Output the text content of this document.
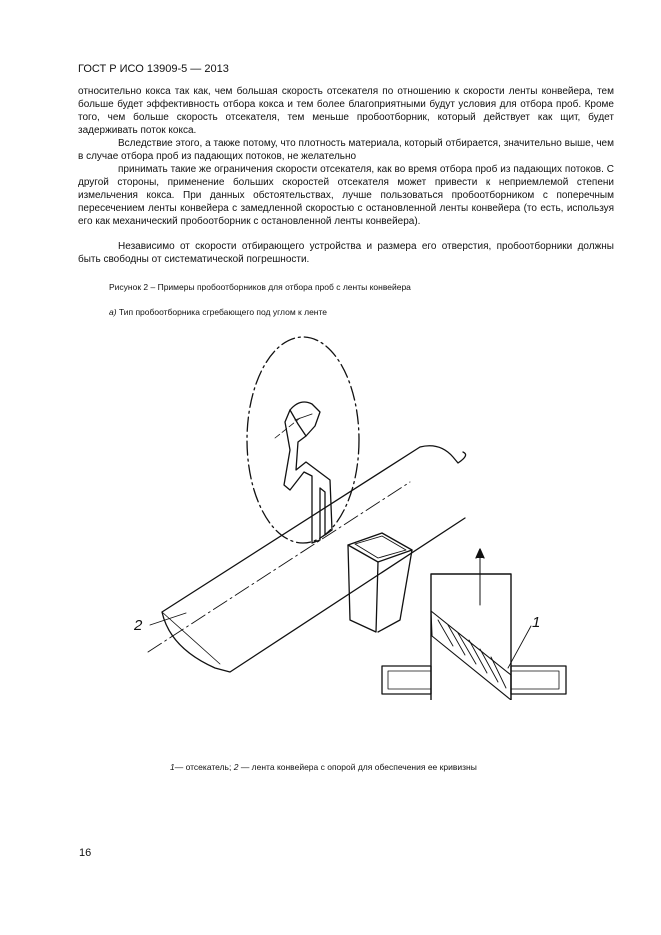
ГОСТ Р ИСО 13909-5 — 2013

относительно кокса так как, чем большая скорость отсекателя по отношению к скорости ленты конвейера, тем больше будет эффективность отбора кокса и тем более благоприятными будут условия для отбора проб. Кроме того, чем больше скорость отсекателя, тем меньше пробоотборник, который действует как щит, будет задерживать поток кокса.

Вследствие этого, а также потому, что плотность материала, который отбирается, значительно выше, чем в случае отбора проб из падающих потоков, не желательно

принимать такие же ограничения скорости отсекателя, как во время отбора проб из падающих потоков. С другой стороны, применение больших скоростей отсекателя может привести к неприемлемой степени измельчения кокса. При данных обстоятельствах, лучше пользоваться пробоотборником с поперечным пересечением ленты конвейера с замедленной скоростью с остановленной ленты конвейера (то есть, используя его как механический пробоотборник с остановленной ленты конвейера).

Независимо от скорости отбирающего устройства и размера его отверстия, пробоотборники должны быть свободны от систематической погрешности.

Рисунок 2 – Примеры пробоотборников для отбора проб с ленты конвейера
а) Тип пробоотборника сгребающего под углом к ленте
2	1
1— отсекатель; 2 — лента конвейера с опорой для обеспечения ее кривизны
16
